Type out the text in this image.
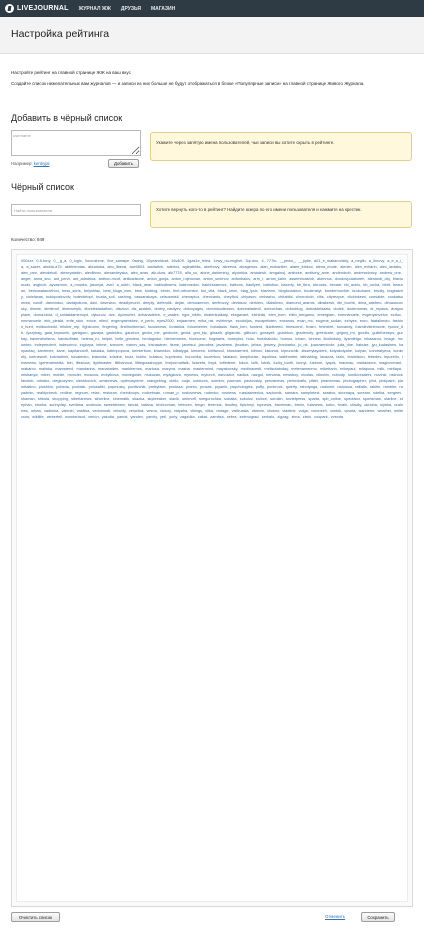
LIVEJOURNAL ЖУРНАЛ ЖЖ ДРУЗЬЯ МАГАЗИН
Настройка рейтинга
Настройте рейтинг на главной странице ЖЖ на ваш вкус
Создайте список нежелательных вам журналов — и записи из них больше не будут отображаться в блоке «Популярные записи» на главной странице Живого Журнала.
Добавить в чёрный список
username
Например: kenbyjal	Добавить
Укажите через запятую имена пользователей, чьи записи вы хотите скрыть в рейтинге.
Чёрный список
Найти пользователя	Хотите вернуть кого-то в рейтинг? Найдите юзера по его имени пользователя и нажмите на крестик.
Количество: 949
000zzz, 0-9-tony, 0__g_a, 0_logic, 0ocrushme, 0ne_samaye, 0sang, 10yearoldcat, 16v409, 1gas1e_felea, 1ewy_no-english, 3ql-dou, 4, 777tu, __pewu_, __jqdie, a01_e_makarovskiy, a_neglin, a_ihnovy, a_e_a_i_a, a_sacer, abdda-a79, abbtriendas, abradoka, abu_liberal, ace9803, acidwitch, aderlus, agleatbliks, akerbovy, akreeva, aleagenus, alan_mohaniter, alaee_fobkov, alena_mode, alenim, alex_exharin, alex_lavtaks, alex_ram, alexdekoll, alexeyalekin, alexlibrov, alexandeyska, alex_avas, alk-clow, alk7778, alla_so, alone_darkening, alyonkka, amadesh, amgalnoj, antiorse, amiltony_ame, andendrob, andrewdorizy, andrew_one, angel, anna_sno, ant_penn, ant_adrobloa, anthon-mcuf, anticadsone, anton_gonja, anton_rujenovan, anton_smirnov, antonbalov, arm_l, arrow_kalm, assembcasmir, atomnus, dvudovpoiaboreh, alexandr_obj, blaviumzav, avgbolx, ayvazmon, a_mowka, jasonya, avel, a_oubh, black_dear, bablodeserw, bakhmedov, bakhnizaemcx, balkcos, basilyen, battotion, baxerty, bb_tirra, bbrocks, becadr, bb_acelu, bb_orcha, bbrit, beauran, berscwatanzebou, bess_sorts, belyshlac, best_blogs_vom, bbw, bioblog, bimin, bint-rotrochsor, bio_vita, black_orion, blag_lysix, blazinnn, blogbrotation, bookmstyl, bondermovkie, brokuhane, brudly, bugbatchy, ciolzfaxas, bukkpostovolv, buterdelopt, buzda_soil, cashing, cassanskaya, celsusmisil, chenapiuz, chenzanto, cheyfiod, chiyasov, cmbazho, chhabibi, chrorolcob, citis, cityrezyce, clickinkewt, consalde, cookatsomnisi, cutoff, danvinduc, dartapotuna, davi, davewoo, deadlymorin, deeply, defendik, dejan, demodemon, derfenzzy, devlasov, derklerx, dialsilewx, diamond_aramis, dibakersk, din_buchb, dima_adsfreo, dimauscovsky, dimnie, dimtimof, dinecsmyik, diorelestadalfom, disctovl, diz_azadek, dmitry_vasilyev, dntvoyages, dominicodeosov, dobrealiadevil, dobrochan, dobroblog, dobzadelsaaw, dodek, dodenomas, dr_myauw, dragonplace, duma-bicia, d_soldatdamenoyd, dykunov, dvs, dyzmurtet, dzhanadetch, e_vaalex, egor_nikitn, ekateriinakaty, eksgavant, elchiniki, elen_bom, ellen_bergamo, emerglam, enemanuele, evgenyshvelov, ezdoc, emmanuele, eirk_pleiski, enfe_stun, eroce, ellecl, evgenyaimsbez, e_perio, eyes2000, enjaarmen, erika_rat, evilrinnye, ezodoljus, escapelisten, enzanos, evan_mc, eugene_sodan, ezhyes, euro, faatalimoto, fashion_hunt, evilbuchwild, felsher_mp, fightcumn, fingering, firstfrontiemsd, focusnews, fontanka, fotowheeler, foxtalacia, flash_ben, fowlerd, fluidbreed, freescene, frosm, frrtimbrrt, funcandy, fusmlevkintmovie, fyodor_ltb, fyzzybag, gala_knysonik, garaguru, gazaya, gadvideo, gauchor, gecko_me, geoboxtr, genia, gmt_kip, gilrazik, gilgarotic, gillbuch, gonayeit, gorshkov, gradenofy, greedcare, grigory_mt, groulis, gulletheneps, gurkay, haverwhelsma, hardsoftrate, helena_ru, helpbl, helle_gmoleur, henlagodur, hiemexnews, hionsome, hogwarts, honeyfox, hola, huezhalcidu, humus, icham, ichnew, ilkolhidsky, ilysmfelgo, inbaxaroo, image, incomtec, independent, indexomoi, inglorya, intime, ivanove, ivanov_sas, irishawiner, itsme, janetsui, jasonbra, javabrew, jbcotton, jebsa, jersery, jhonbarko, jo_nk, joanzarmicole, julia_doe, kabuse, jyu_kudashew, kanpaclaq, kanrenex, kane, kapitanoloff, kasiaka, katrinpopova, kemlerbow, khamidov, kilbalyga, kimorea, kirillwood, kitosharmed, klimov, kislorod, kiprunchik, kissmylayolent, kolyakolyahe, kolyan, kondratyeva, konkrety, kortnewolf, kotvladimir, kovalenko, krasnota, kristine, kruiz, kuklin, kulakov, kuprienko, kurochka, kuzenkov, lalaland, lamphouse, lapuhina, lastfrontier, latinablog, lavazza, lazio, leadvision, lebedev, leporello, lessnews, lgeneralmedia, lich, lifeshow, lightmaster, lilithanova, littlegrasshoppe, livejournaltalk, lizaveta, lloyd, loftinterer, lokon, lolik, lotnik, lucky_tooth, lunnyi, lustrum, lyapis, macmac, madazavra, magicnomad, makarov, malinka, mamsterol, mandarina, mariabaden, markbernes, marlosa, maryna, masha, mastermind, mayakovsky, medinavesti, melisotatoday, metenamenmo, mikebarin, mikepaul, milapova, milk, mirtlaya, mishanya, mixer, mobile, moncler, moscow, motylkova, movieguide, mukuzan, myagkova, mynews, mytorch, nanosaur, naulka, nazgul, nervana, newsboy, nicolas, nikishin, nobody, nordicreaders, novinki, nskrockfanclub, odnako, olegkozyrev, oleshkovich, omsknews, optimusprime, orangeblog, otello, ouija, outdoors, ozenlov, pacman, pavlovskiy, penzanews, petrovkaflo, pflatt, phantomas, photographer, pilot, pinkpaint, planetakino, plushkin, pobeda, podolsk, polosatiki, popmusiq, pozitivchik, prettyface, prodaza, pronto, prozak, pryanik, psychologies, puffy, punkrock, qwerty, rabotyaga, radiomir, radulova, raifaifa, rakitin, rambler, rayadmin, realitycheck, redline, regnum, relax, restoran, rheinkoops, rocketman, roman_p, rostovnews, rudenko, rusnews, russiaamerica, sadovnik, samara, sampletext, saratov, sbornaya, scream, sdelka, sergeev, shaman, shkola, shopping, siberianews, silverline, sinematik, skazka, skybreaker, slavik, smirnoff, snegurochka, sobaka, sokolov, solnce, sorokin, sovietpress, sparta, spb_online, spectator, sportsman, starline, stephan, stroika, sunnyday, svetlana, svoboda, sweetdream, tanuki, tatiana, technoman, telecom, tengri, teremok, timofey, tipichnyi, topnews, travelman, trenin, tulanews, turbo, tvrain, ufacity, ukraina, ulybka, uralnews, urban, vadimka, valenki, vasilisa, vedomosti, velocity, veronika, vesna, victory, vidyaha, vikings, vilka, vintage, visitrussia, vitamin, vkusno, vladimir, volga, voronezh, vostok, vysota, wanderer, weather, whitecrow, wildlife, winterfell, wonderland, xenon, yakutia, yamal, yandex, yarcity, yeti, yuriy, zagadka, zakat, zarnitsa, zebra, zelenograd, zerkalo, zigzag, zima, zlato, zoopark, zvezda
Очистить список	Отменить	Сохранить
